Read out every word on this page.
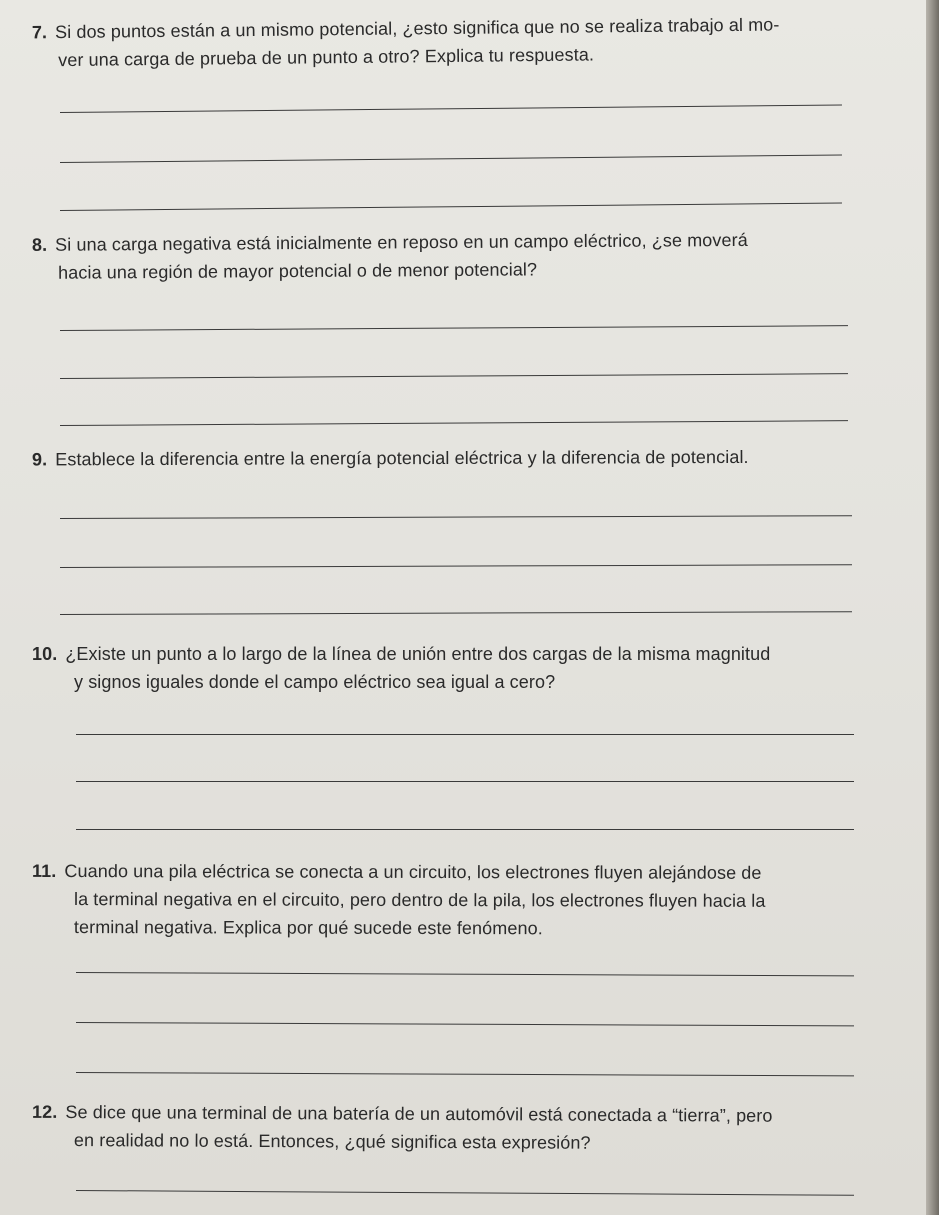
7. Si dos puntos están a un mismo potencial, ¿esto significa que no se realiza trabajo al mo-
ver una carga de prueba de un punto a otro? Explica tu respuesta.
8. Si una carga negativa está inicialmente en reposo en un campo eléctrico, ¿se moverá
hacia una región de mayor potencial o de menor potencial?
9. Establece la diferencia entre la energía potencial eléctrica y la diferencia de potencial.
10. ¿Existe un punto a lo largo de la línea de unión entre dos cargas de la misma magnitud
y signos iguales donde el campo eléctrico sea igual a cero?
11. Cuando una pila eléctrica se conecta a un circuito, los electrones fluyen alejándose de
la terminal negativa en el circuito, pero dentro de la pila, los electrones fluyen hacia la
terminal negativa. Explica por qué sucede este fenómeno.
12. Se dice que una terminal de una batería de un automóvil está conectada a “tierra”, pero
en realidad no lo está. Entonces, ¿qué significa esta expresión?
